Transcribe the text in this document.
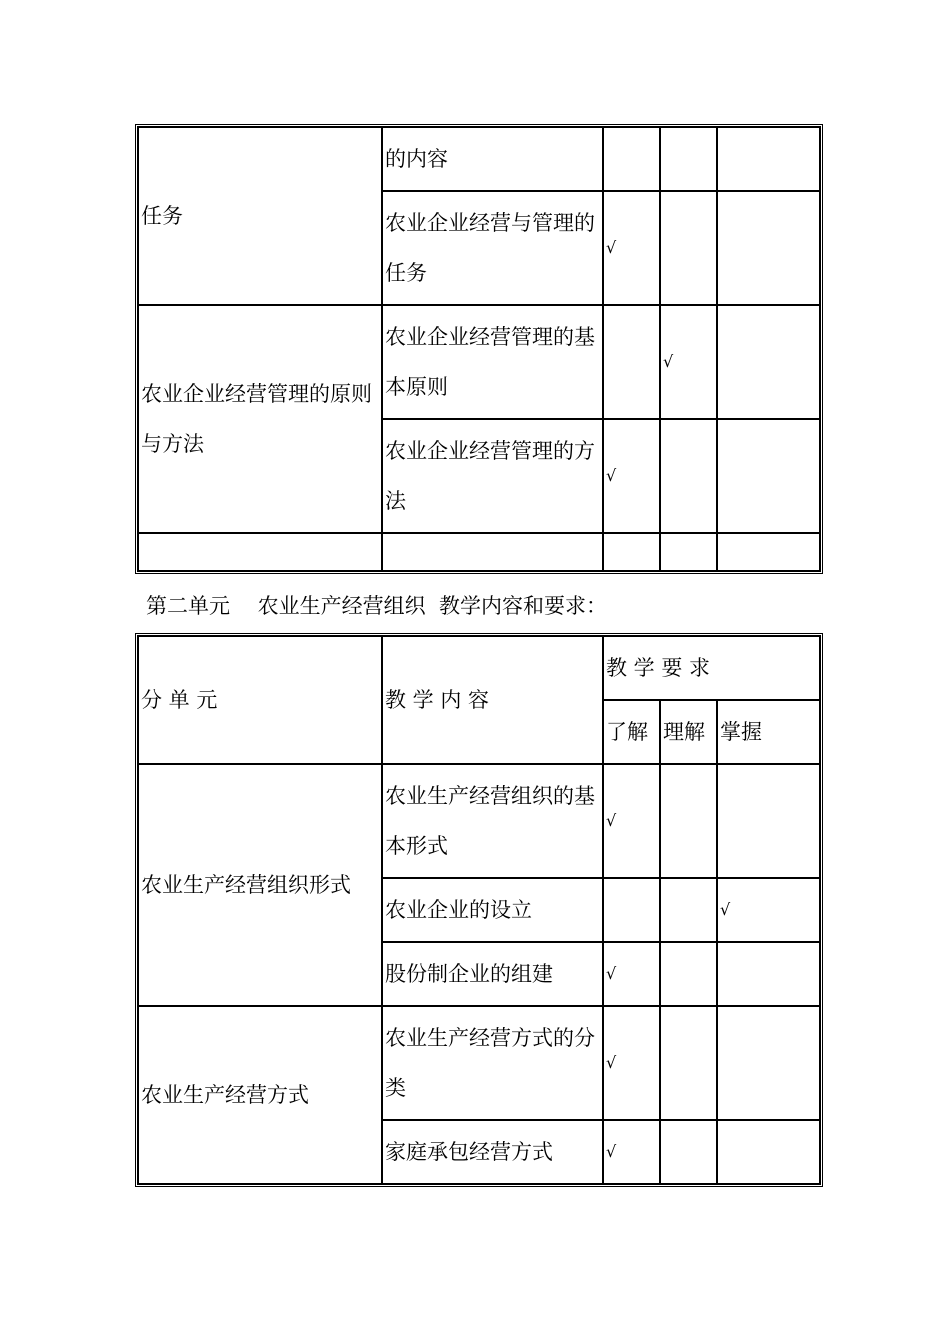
任务	的内容			
	农业企业经营与管理的任务	√		
农业企业经营管理的原则与方法	农业企业经营管理的基本原则		√	
	农业企业经营管理的方法	√		

第二单元　 农业生产经营组织  教学内容和要求：
分 单 元	教 学 内 容	教 学 要 求		
		了解	理解	掌握
农业生产经营组织形式	农业生产经营组织的基本形式	√		
	农业企业的设立			√
	股份制企业的组建	√		
农业生产经营方式	农业生产经营方式的分类	√		
	家庭承包经营方式	√		
